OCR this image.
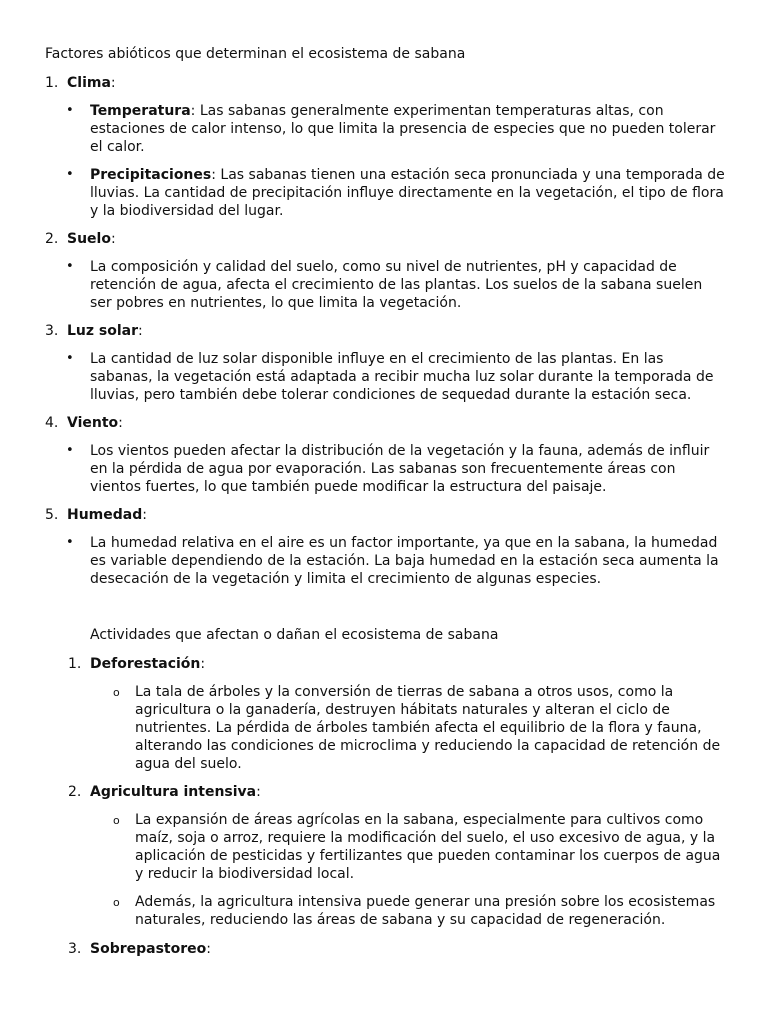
Factores abióticos que determinan el ecosistema de sabana
1. Clima:

• Temperatura: Las sabanas generalmente experimentan temperaturas altas, con estaciones de calor intenso, lo que limita la presencia de especies que no pueden tolerar el calor.

• Precipitaciones: Las sabanas tienen una estación seca pronunciada y una temporada de lluvias. La cantidad de precipitación influye directamente en la vegetación, el tipo de flora y la biodiversidad del lugar.

2. Suelo:

• La composición y calidad del suelo, como su nivel de nutrientes, pH y capacidad de retención de agua, afecta el crecimiento de las plantas. Los suelos de la sabana suelen ser pobres en nutrientes, lo que limita la vegetación.

3. Luz solar:

• La cantidad de luz solar disponible influye en el crecimiento de las plantas. En las sabanas, la vegetación está adaptada a recibir mucha luz solar durante la temporada de lluvias, pero también debe tolerar condiciones de sequedad durante la estación seca.

4. Viento:

• Los vientos pueden afectar la distribución de la vegetación y la fauna, además de influir en la pérdida de agua por evaporación. Las sabanas son frecuentemente áreas con vientos fuertes, lo que también puede modificar la estructura del paisaje.

5. Humedad:

• La humedad relativa en el aire es un factor importante, ya que en la sabana, la humedad es variable dependiendo de la estación. La baja humedad en la estación seca aumenta la desecación de la vegetación y limita el crecimiento de algunas especies.

Actividades que afectan o dañan el ecosistema de sabana
1. Deforestación:

o La tala de árboles y la conversión de tierras de sabana a otros usos, como la agricultura o la ganadería, destruyen hábitats naturales y alteran el ciclo de nutrientes. La pérdida de árboles también afecta el equilibrio de la flora y fauna, alterando las condiciones de microclima y reduciendo la capacidad de retención de agua del suelo.

2. Agricultura intensiva:

o La expansión de áreas agrícolas en la sabana, especialmente para cultivos como maíz, soja o arroz, requiere la modificación del suelo, el uso excesivo de agua, y la aplicación de pesticidas y fertilizantes que pueden contaminar los cuerpos de agua y reducir la biodiversidad local.

o Además, la agricultura intensiva puede generar una presión sobre los ecosistemas naturales, reduciendo las áreas de sabana y su capacidad de regeneración.

3. Sobrepastoreo:
